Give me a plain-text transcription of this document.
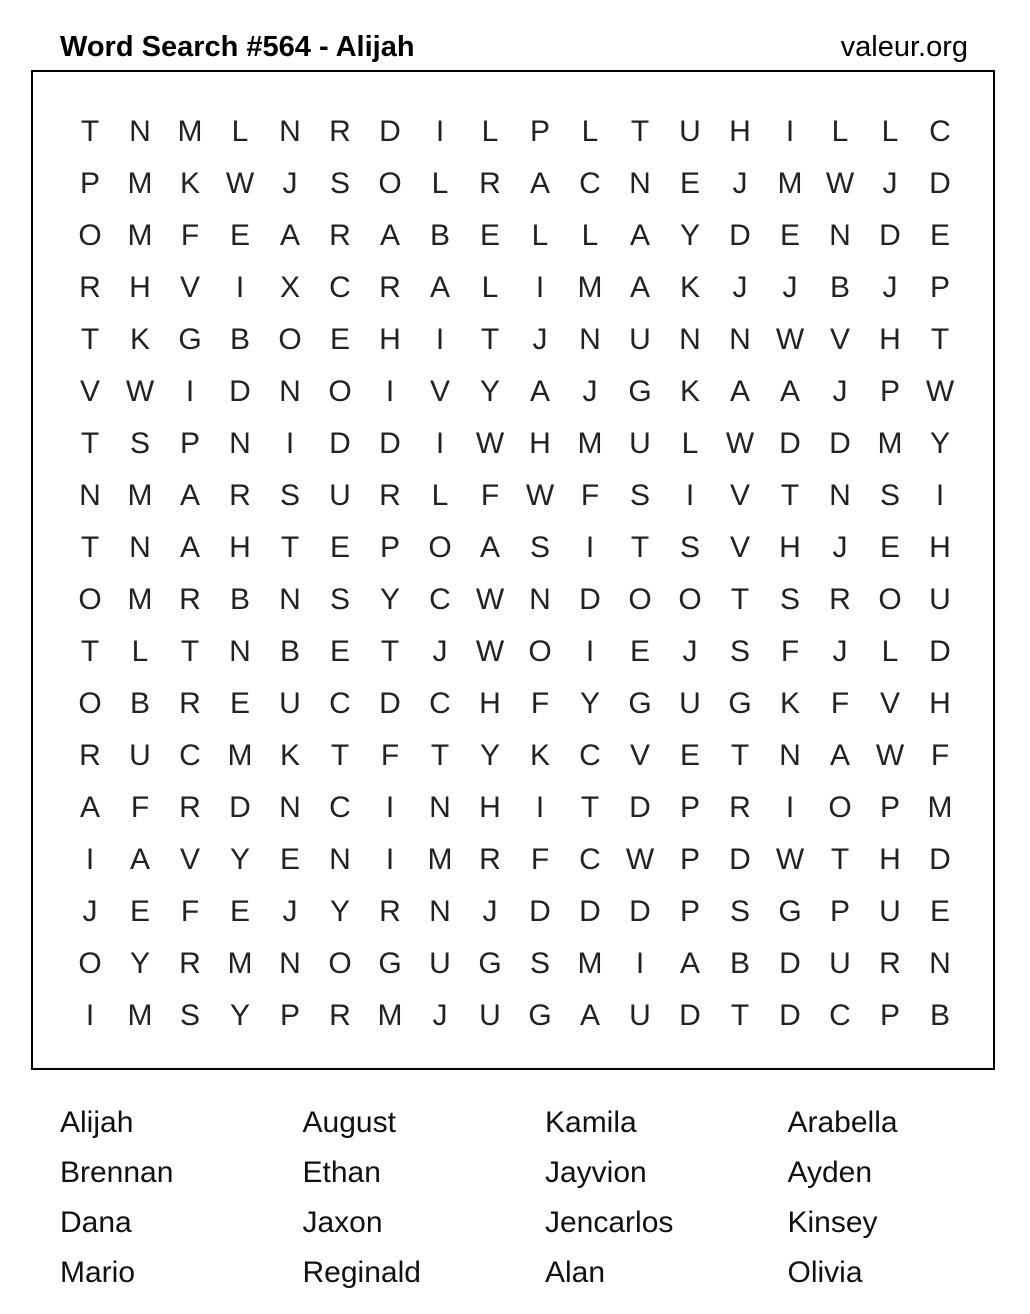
Word Search #564 - Alijah	valeur.org
T	N M L	N R D	I	L	P	L	T	U H	I	L	L	C
P M K W J	S O L	R A C N E	J	M W J	D
O M F	E A R A B E	L	L	A Y D E N D E
R H V	I	X C R A	L	I	M A K	J	J	B	J	P
T	K G B O E H	I	T	J	N U N N W V H	T
V W	I	D N O	I	V Y A	J	G K A A	J	P W
T	S P N	I	D D	I	W H M U	L W D D M Y
N M A R S U R	L	F W F	S	I	V	T	N S	I
T	N A H	T	E P O A S	I	T	S V H	J	E H
O M R B N S Y C W N D O O T	S R O U
T	L	T	N B E	T	J W O	I	E	J	S	F	J	L	D
O B R E U C D C H	F	Y G U G K	F	V H
R U C M K	T	F	T	Y K C V E	T	N A W F
A	F	R D N C	I	N H	I	T	D P R	I	O P M
I	A V Y E N	I	M R	F	C W P D W T	H D
J	E	F	E	J	Y R N	J	D D D P S G P U E
O Y R M N O G U G S M	I	A B D U R N
I	M S Y P R M	J	U G A U D	T	D C P B
Alijah	August	Kamila	Arabella
Brennan	Ethan	Jayvion	Ayden
Dana	Jaxon	Jencarlos	Kinsey
Mario	Reginald	Alan	Olivia
